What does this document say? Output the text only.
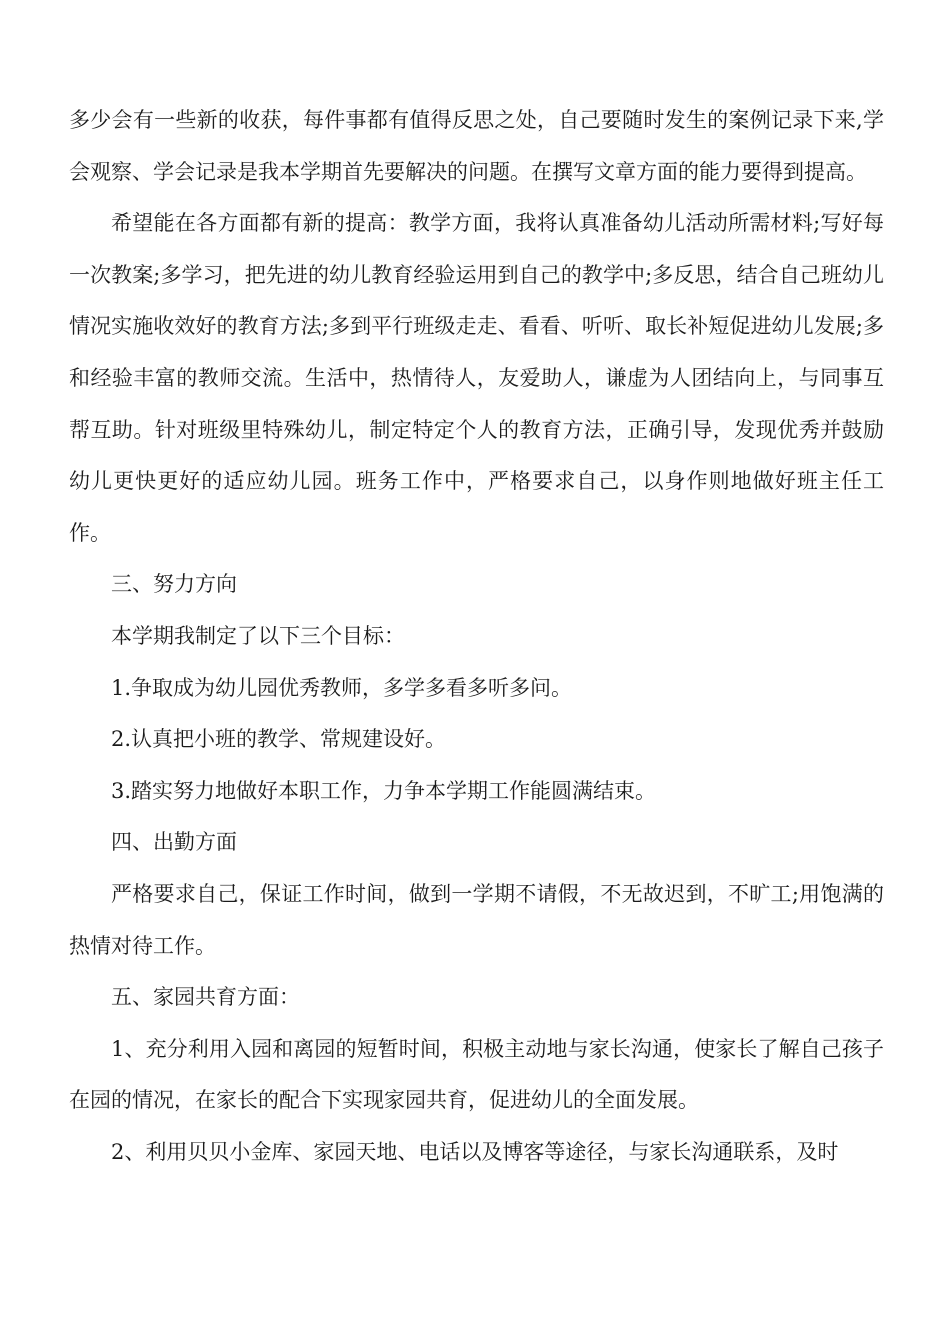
多少会有一些新的收获，每件事都有值得反思之处，自己要随时发生的案例记录下来,学会观察、学会记录是我本学期首先要解决的问题。在撰写文章方面的能力要得到提高。

希望能在各方面都有新的提高：教学方面，我将认真准备幼儿活动所需材料;写好每一次教案;多学习，把先进的幼儿教育经验运用到自己的教学中;多反思，结合自己班幼儿情况实施收效好的教育方法;多到平行班级走走、看看、听听、取长补短促进幼儿发展;多和经验丰富的教师交流。生活中，热情待人，友爱助人，谦虚为人团结向上，与同事互帮互助。针对班级里特殊幼儿，制定特定个人的教育方法，正确引导，发现优秀并鼓励幼儿更快更好的适应幼儿园。班务工作中，严格要求自己，以身作则地做好班主任工作。

三、努力方向

本学期我制定了以下三个目标：

1.争取成为幼儿园优秀教师，多学多看多听多问。

2.认真把小班的教学、常规建设好。

3.踏实努力地做好本职工作，力争本学期工作能圆满结束。

四、出勤方面

严格要求自己，保证工作时间，做到一学期不请假，不无故迟到，不旷工;用饱满的热情对待工作。

五、家园共育方面：

1、充分利用入园和离园的短暂时间，积极主动地与家长沟通，使家长了解自己孩子在园的情况，在家长的配合下实现家园共育，促进幼儿的全面发展。

2、利用贝贝小金库、家园天地、电话以及博客等途径，与家长沟通联系，及时
